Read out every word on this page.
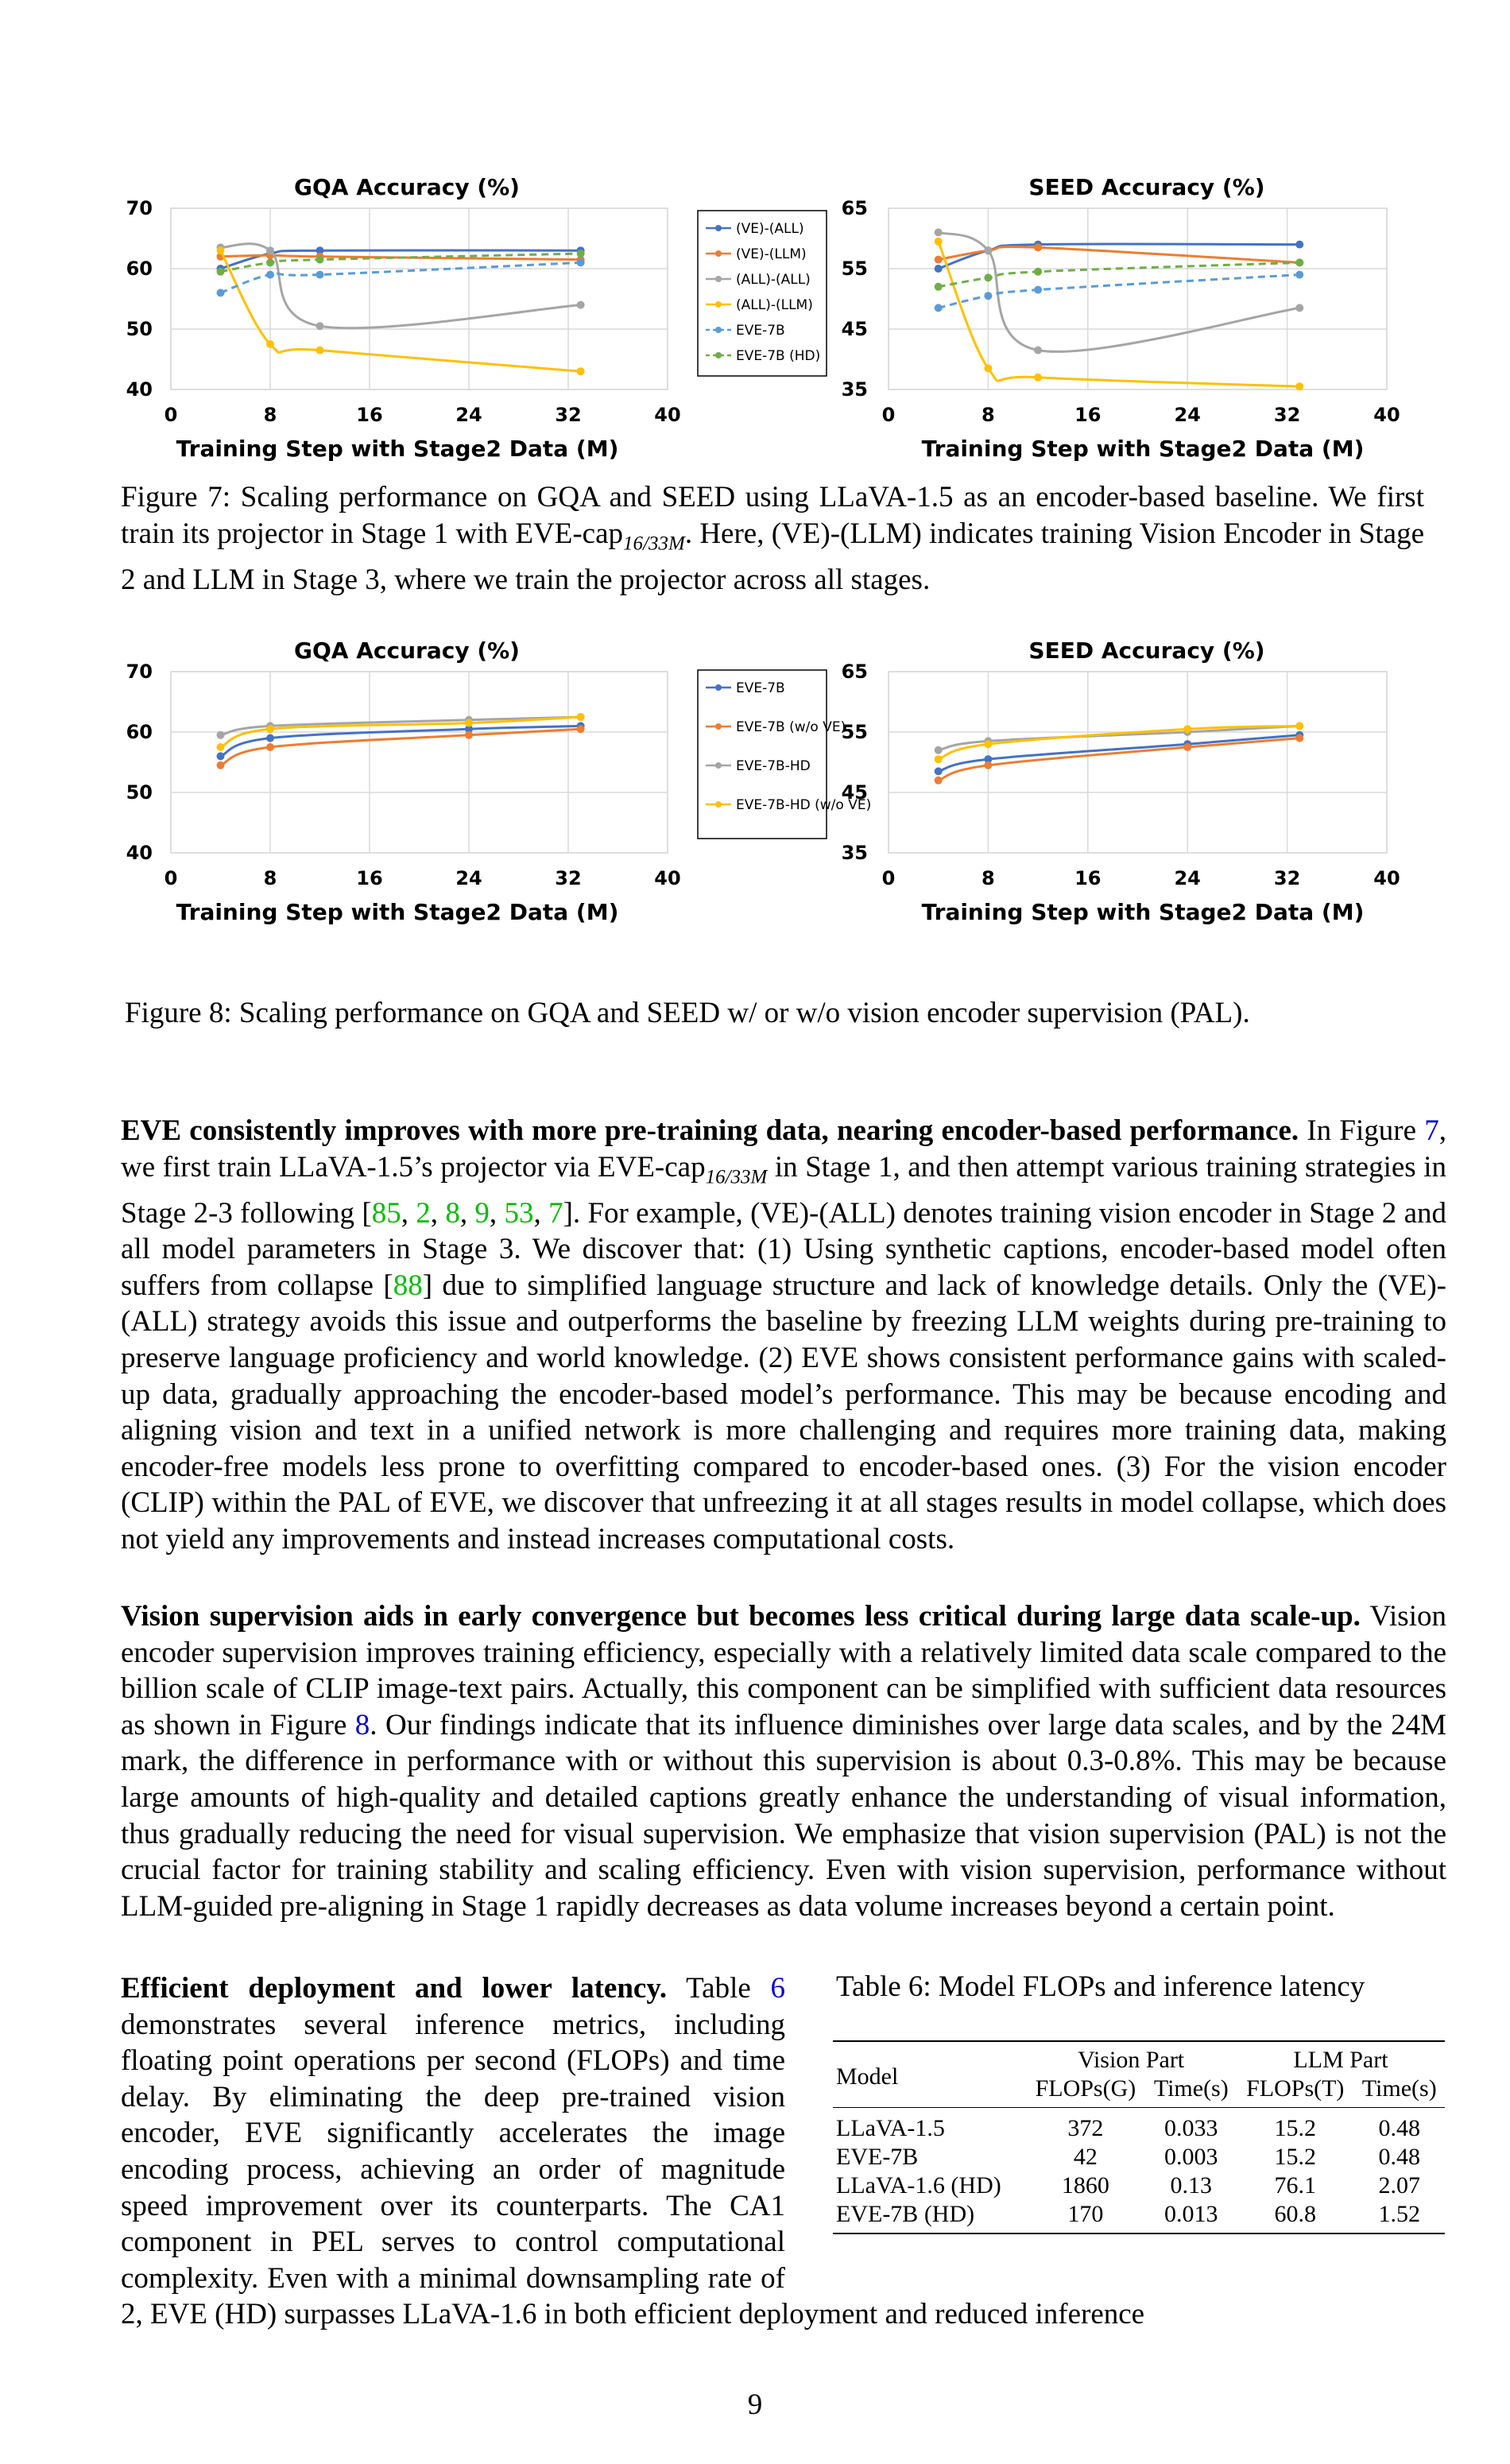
GQA Accuracy (%)
Training Step with Stage2 Data (M)
0	8	16	24	32	40
40
50
60
70
SEED Accuracy (%)
Training Step with Stage2 Data (M)
0	8	16	24	32	40
35
45
55
65
GQA Accuracy (%)
Training Step with Stage2 Data (M)
0	8	16	24	32	40
40
50
60
70
SEED Accuracy (%)
Training Step with Stage2 Data (M)
0	8	16	24	32	40
35
45
55
65
(VE)-(ALL)
(VE)-(LLM)
(ALL)-(ALL)
(ALL)-(LLM)
EVE-7B
EVE-7B (HD)
EVE-7B
EVE-7B (w/o VE)
EVE-7B-HD
EVE-7B-HD (w/o VE)
Figure 7: Scaling performance on GQA and SEED using LLaVA-1.5 as an encoder-based baseline. We first train its projector in Stage 1 with EVE-cap$_{16/33M}$. Here, (VE)-(LLM) indicates training Vision Encoder in Stage 2 and LLM in Stage 3, where we train the projector across all stages.
Figure 8: Scaling performance on GQA and SEED w/ or w/o vision encoder supervision (PAL).

EVE consistently improves with more pre-training data, nearing encoder-based performance. In Figure 7, we first train LLaVA-1.5’s projector via EVE-cap$_{16/33M}$ in Stage 1, and then attempt various training strategies in Stage 2-3 following [85, 2, 8, 9, 53, 7]. For example, (VE)-(ALL) denotes training vision encoder in Stage 2 and all model parameters in Stage 3. We discover that: (1) Using synthetic captions, encoder-based model often suffers from collapse [88] due to simplified language structure and lack of knowledge details. Only the (VE)-(ALL) strategy avoids this issue and outperforms the baseline by freezing LLM weights during pre-training to preserve language proficiency and world knowledge. (2) EVE shows consistent performance gains with scaled-up data, gradually approaching the encoder-based model’s performance. This may be because encoding and aligning vision and text in a unified network is more challenging and requires more training data, making encoder-free models less prone to overfitting compared to encoder-based ones. (3) For the vision encoder (CLIP) within the PAL of EVE, we discover that unfreezing it at all stages results in model collapse, which does not yield any improvements and instead increases computational costs.

Vision supervision aids in early convergence but becomes less critical during large data scale-up. Vision encoder supervision improves training efficiency, especially with a relatively limited data scale compared to the billion scale of CLIP image-text pairs. Actually, this component can be simplified with sufficient data resources as shown in Figure 8. Our findings indicate that its influence diminishes over large data scales, and by the 24M mark, the difference in performance with or without this supervision is about 0.3-0.8%. This may be because large amounts of high-quality and detailed captions greatly enhance the understanding of visual information, thus gradually reducing the need for visual supervision. We emphasize that vision supervision (PAL) is not the crucial factor for training stability and scaling efficiency. Even with vision supervision, performance without LLM-guided pre-aligning in Stage 1 rapidly decreases as data volume increases beyond a certain point.

Efficient deployment and lower latency. Table 6 demonstrates several inference metrics, including floating point operations per second (FLOPs) and time delay. By eliminating the deep pre-trained vision encoder, EVE significantly accelerates the image encoding process, achieving an order of magnitude speed improvement over its counterparts. The CA1 component in PEL serves to control computational complexity. Even with a minimal downsampling rate of 2, EVE (HD) surpasses LLaVA-1.6 in both efficient deployment and reduced inference

Table 6: Model FLOPs and inference latency
Model	Vision Part		LLM Part	
	FLOPs(G)	Time(s)	FLOPs(T)	Time(s)
LLaVA-1.5	372	0.033	15.2	0.48
EVE-7B	42	0.003	15.2	0.48
LLaVA-1.6 (HD)	1860	0.13	76.1	2.07
EVE-7B (HD)	170	0.013	60.8	1.52
9
